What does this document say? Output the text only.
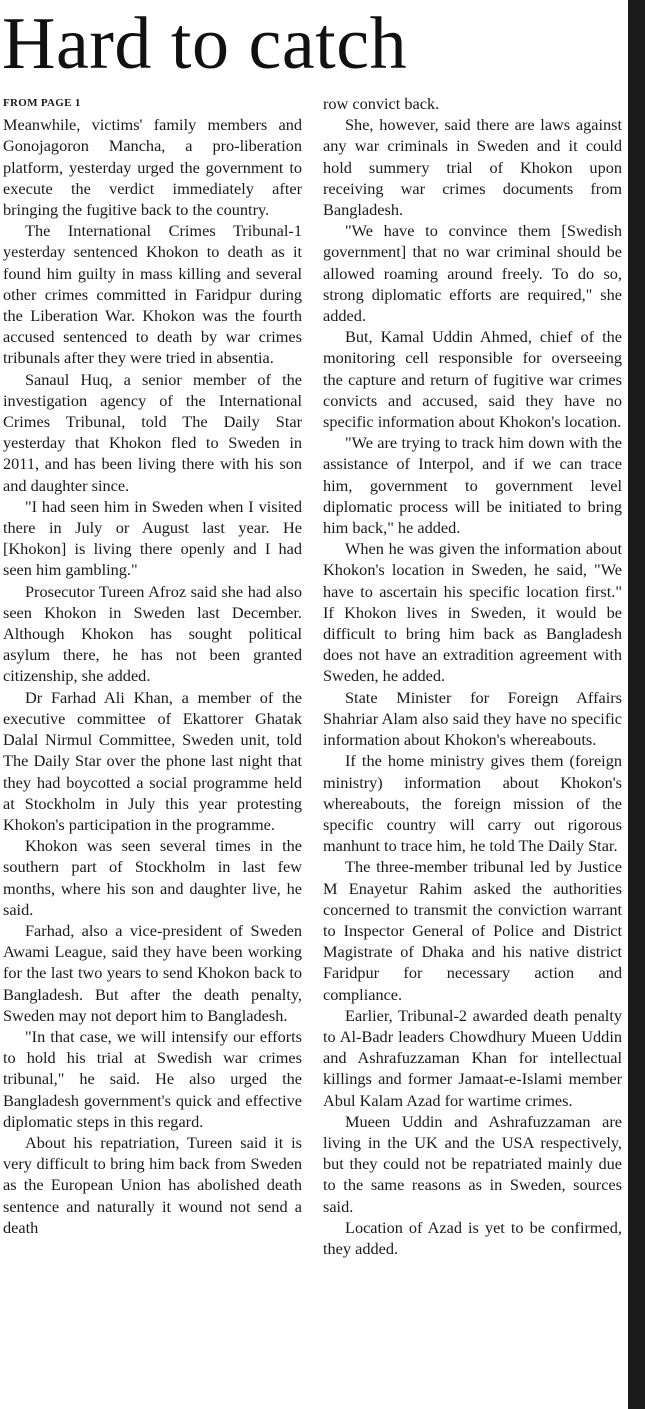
Hard to catch
FROM PAGE 1

Meanwhile, victims' family members and Gonojagoron Mancha, a pro-liberation platform, yesterday urged the government to execute the verdict immediately after bringing the fugitive back to the country.

The International Crimes Tribunal-1 yesterday sentenced Khokon to death as it found him guilty in mass killing and several other crimes committed in Faridpur during the Liberation War. Khokon was the fourth accused sentenced to death by war crimes tribunals after they were tried in absentia.

Sanaul Huq, a senior member of the investigation agency of the International Crimes Tribunal, told The Daily Star yesterday that Khokon fled to Sweden in 2011, and has been living there with his son and daughter since.

"I had seen him in Sweden when I visited there in July or August last year. He [Khokon] is living there openly and I had seen him gambling."

Prosecutor Tureen Afroz said she had also seen Khokon in Sweden last December. Although Khokon has sought political asylum there, he has not been granted citizenship, she added.

Dr Farhad Ali Khan, a member of the executive committee of Ekattorer Ghatak Dalal Nirmul Committee, Sweden unit, told The Daily Star over the phone last night that they had boycotted a social programme held at Stockholm in July this year protesting Khokon's participation in the programme.

Khokon was seen several times in the southern part of Stockholm in last few months, where his son and daughter live, he said.

Farhad, also a vice-president of Sweden Awami League, said they have been working for the last two years to send Khokon back to Bangladesh. But after the death penalty, Sweden may not deport him to Bangladesh.

"In that case, we will intensify our efforts to hold his trial at Swedish war crimes tribunal," he said. He also urged the Bangladesh government's quick and effective diplomatic steps in this regard.

About his repatriation, Tureen said it is very difficult to bring him back from Sweden as the European Union has abolished death sentence and naturally it wound not send a death

row convict back.

She, however, said there are laws against any war criminals in Sweden and it could hold summery trial of Khokon upon receiving war crimes documents from Bangladesh.

"We have to convince them [Swedish government] that no war criminal should be allowed roaming around freely. To do so, strong diplomatic efforts are required," she added.

But, Kamal Uddin Ahmed, chief of the monitoring cell responsible for overseeing the capture and return of fugitive war crimes convicts and accused, said they have no specific information about Khokon's location.

"We are trying to track him down with the assistance of Interpol, and if we can trace him, government to government level diplomatic process will be initiated to bring him back," he added.

When he was given the information about Khokon's location in Sweden, he said, "We have to ascertain his specific location first." If Khokon lives in Sweden, it would be difficult to bring him back as Bangladesh does not have an extradition agreement with Sweden, he added.

State Minister for Foreign Affairs Shahriar Alam also said they have no specific information about Khokon's whereabouts.

If the home ministry gives them (foreign ministry) information about Khokon's whereabouts, the foreign mission of the specific country will carry out rigorous manhunt to trace him, he told The Daily Star.

The three-member tribunal led by Justice M Enayetur Rahim asked the authorities concerned to transmit the conviction warrant to Inspector General of Police and District Magistrate of Dhaka and his native district Faridpur for necessary action and compliance.

Earlier, Tribunal-2 awarded death penalty to Al-Badr leaders Chowdhury Mueen Uddin and Ashrafuzzaman Khan for intellectual killings and former Jamaat-e-Islami member Abul Kalam Azad for wartime crimes.

Mueen Uddin and Ashrafuzzaman are living in the UK and the USA respectively, but they could not be repatriated mainly due to the same reasons as in Sweden, sources said.

Location of Azad is yet to be confirmed, they added.
